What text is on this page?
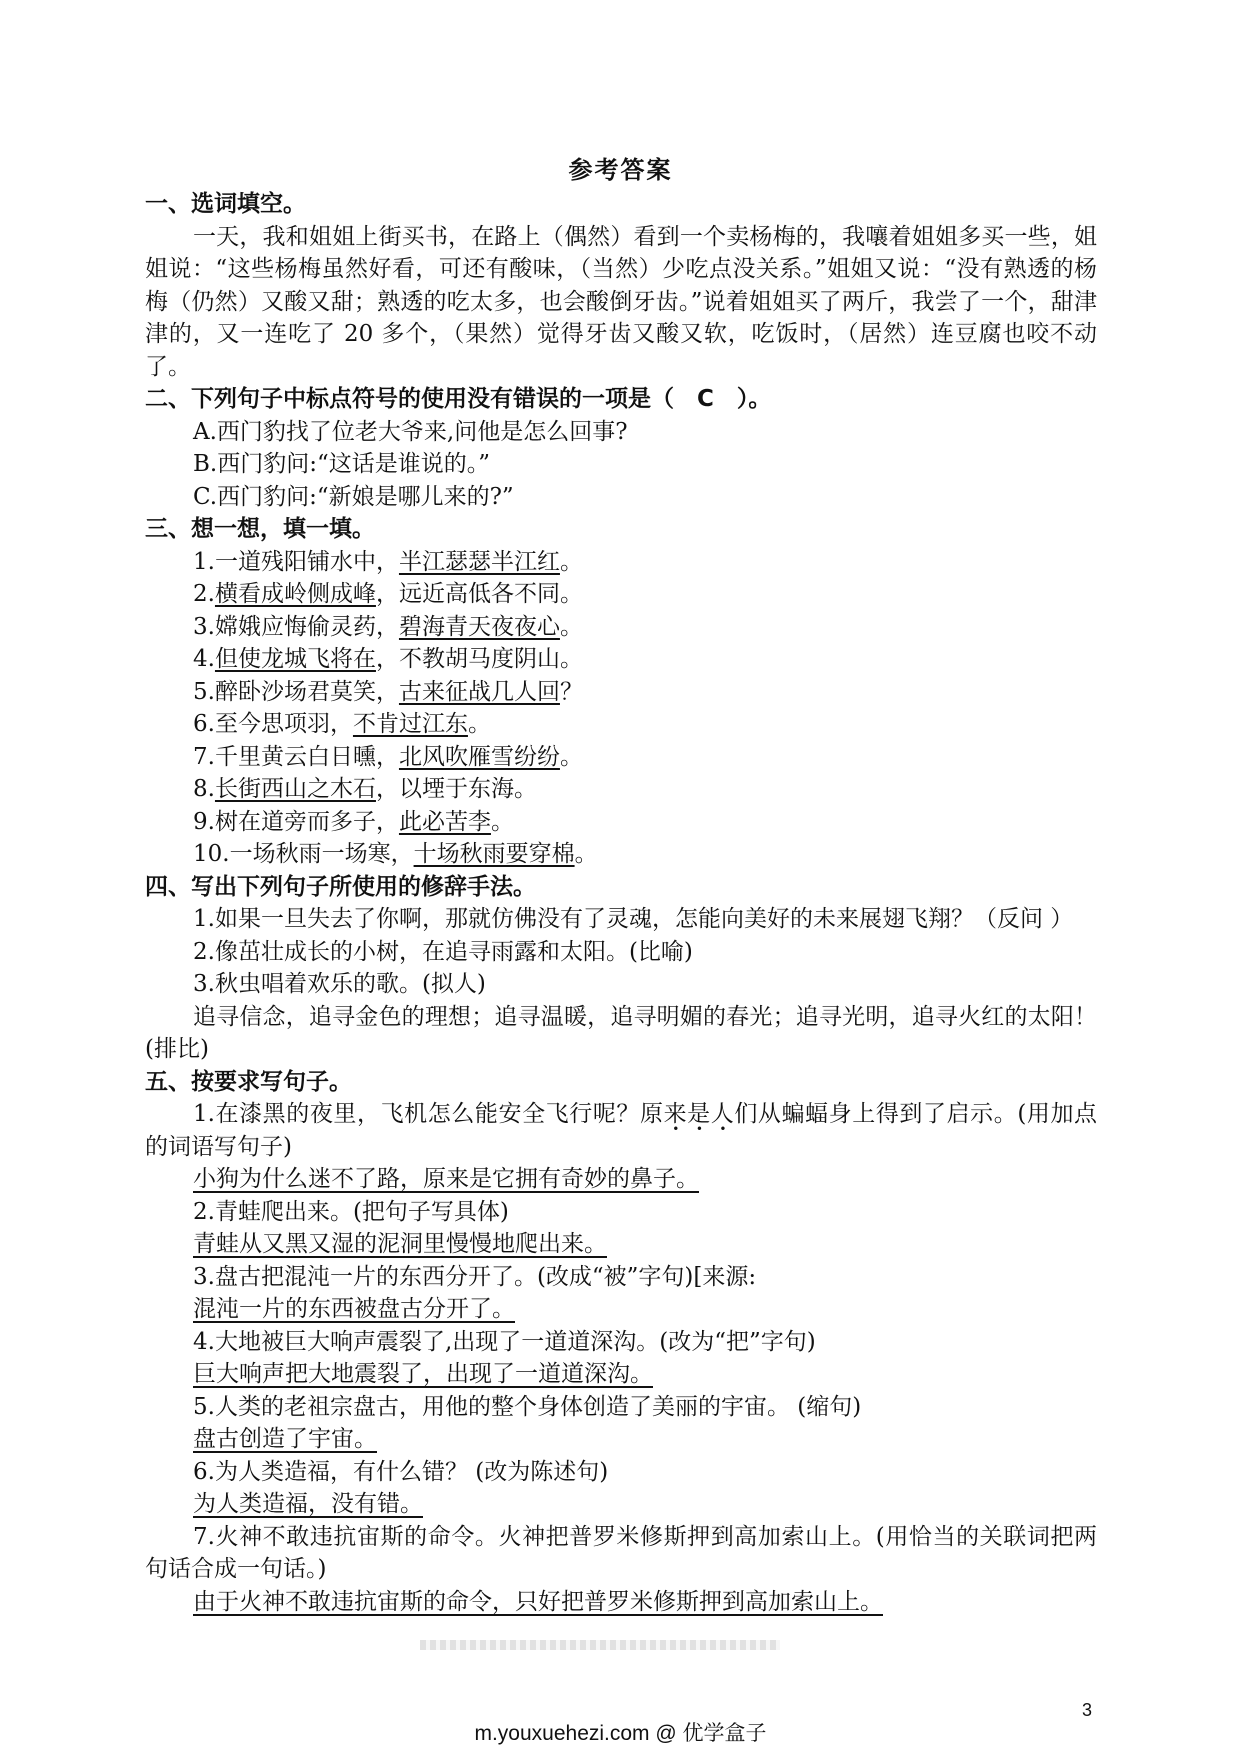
参考答案

一、选词填空。

一天，我和姐姐上街买书，在路上（偶然）看到一个卖杨梅的，我嚷着姐姐多买一些，姐姐说：“这些杨梅虽然好看，可还有酸味，（当然）少吃点没关系。”姐姐又说：“没有熟透的杨梅（仍然）又酸又甜；熟透的吃太多，也会酸倒牙齿。”说着姐姐买了两斤，我尝了一个，甜津津的，又一连吃了 20 多个，（果然）觉得牙齿又酸又软，吃饭时，（居然）连豆腐也咬不动了。

二、下列句子中标点符号的使用没有错误的一项是（　C　）。

A.西门豹找了位老大爷来,问他是怎么回事?

B.西门豹问:“这话是谁说的。”

C.西门豹问:“新娘是哪儿来的?”

三、想一想，填一填。

1.一道残阳铺水中，半江瑟瑟半江红。

2.横看成岭侧成峰，远近高低各不同。

3.嫦娥应悔偷灵药，碧海青天夜夜心。

4.但使龙城飞将在，不教胡马度阴山。

5.醉卧沙场君莫笑，古来征战几人回？

6.至今思项羽，不肯过江东。

7.千里黄云白日曛，北风吹雁雪纷纷。

8.长街西山之木石，以堙于东海。

9.树在道旁而多子，此必苦李。

10.一场秋雨一场寒，十场秋雨要穿棉。

四、写出下列句子所使用的修辞手法。

1.如果一旦失去了你啊，那就仿佛没有了灵魂，怎能向美好的未来展翅飞翔？（反问 ）

2.像茁壮成长的小树，在追寻雨露和太阳。(比喻)

3.秋虫唱着欢乐的歌。(拟人)

追寻信念，追寻金色的理想；追寻温暖，追寻明媚的春光；追寻光明，追寻火红的太阳！(排比)

五、按要求写句子。

1.在漆黑的夜里，飞机怎么能安全飞行呢？原来是人们从蝙蝠身上得到了启示。(用加点的词语写句子)

小狗为什么迷不了路，原来是它拥有奇妙的鼻子。

2.青蛙爬出来。(把句子写具体)

青蛙从又黑又湿的泥洞里慢慢地爬出来。

3.盘古把混沌一片的东西分开了。(改成“被”字句)[来源:

混沌一片的东西被盘古分开了。

4.大地被巨大响声震裂了,出现了一道道深沟。(改为“把”字句)

巨大响声把大地震裂了，出现了一道道深沟。

5.人类的老祖宗盘古，用他的整个身体创造了美丽的宇宙。 (缩句)

盘古创造了宇宙。

6.为人类造福，有什么错？ (改为陈述句)

为人类造福，没有错。

7.火神不敢违抗宙斯的命令。火神把普罗米修斯押到高加索山上。(用恰当的关联词把两句话合成一句话。)

由于火神不敢违抗宙斯的命令，只好把普罗米修斯押到高加索山上。

3
m.youxuehezi.com @ 优学盒子
